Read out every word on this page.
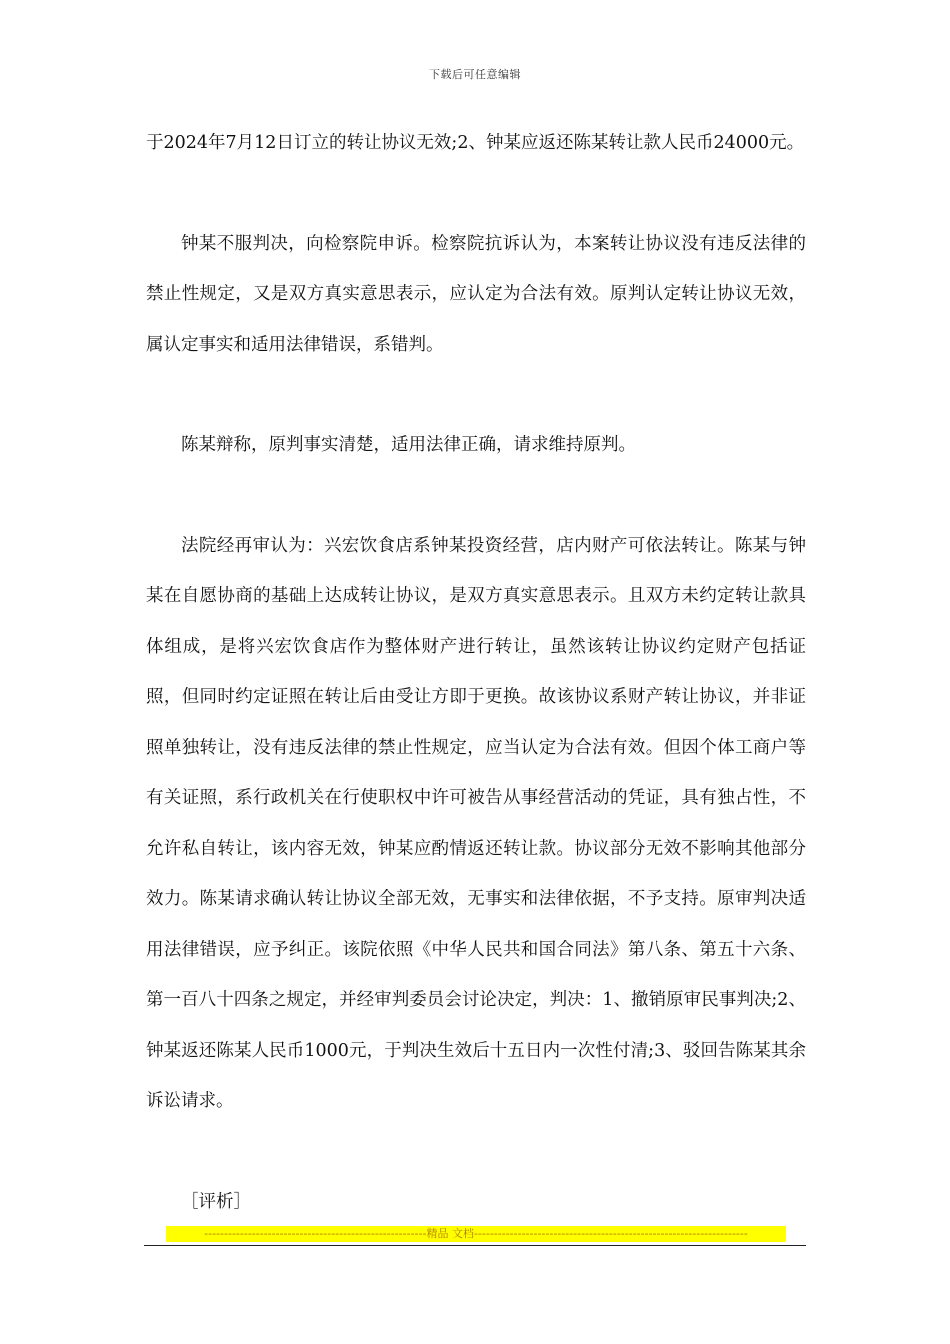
下载后可任意编辑

于2024年7月12日订立的转让协议无效;2、钟某应返还陈某转让款人民币24000元。

钟某不服判决，向检察院申诉。检察院抗诉认为，本案转让协议没有违反法律的禁止性规定，又是双方真实意思表示，应认定为合法有效。原判认定转让协议无效，属认定事实和适用法律错误，系错判。

陈某辩称，原判事实清楚，适用法律正确，请求维持原判。

法院经再审认为：兴宏饮食店系钟某投资经营，店内财产可依法转让。陈某与钟某在自愿协商的基础上达成转让协议，是双方真实意思表示。且双方未约定转让款具体组成，是将兴宏饮食店作为整体财产进行转让，虽然该转让协议约定财产包括证照，但同时约定证照在转让后由受让方即于更换。故该协议系财产转让协议，并非证照单独转让，没有违反法律的禁止性规定，应当认定为合法有效。但因个体工商户等有关证照，系行政机关在行使职权中许可被告从事经营活动的凭证，具有独占性，不允许私自转让，该内容无效，钟某应酌情返还转让款。协议部分无效不影响其他部分效力。陈某请求确认转让协议全部无效，无事实和法律依据，不予支持。原审判决适用法律错误，应予纠正。该院依照《中华人民共和国合同法》第八条、第五十六条、第一百八十四条之规定，并经审判委员会讨论决定，判决：1、撤销原审民事判决;2、钟某返还陈某人民币1000元，于判决生效后十五日内一次性付清;3、驳回告陈某其余诉讼请求。

［评析］

--------------------------------------------------------精品 文档---------------------------------------------------------------------
